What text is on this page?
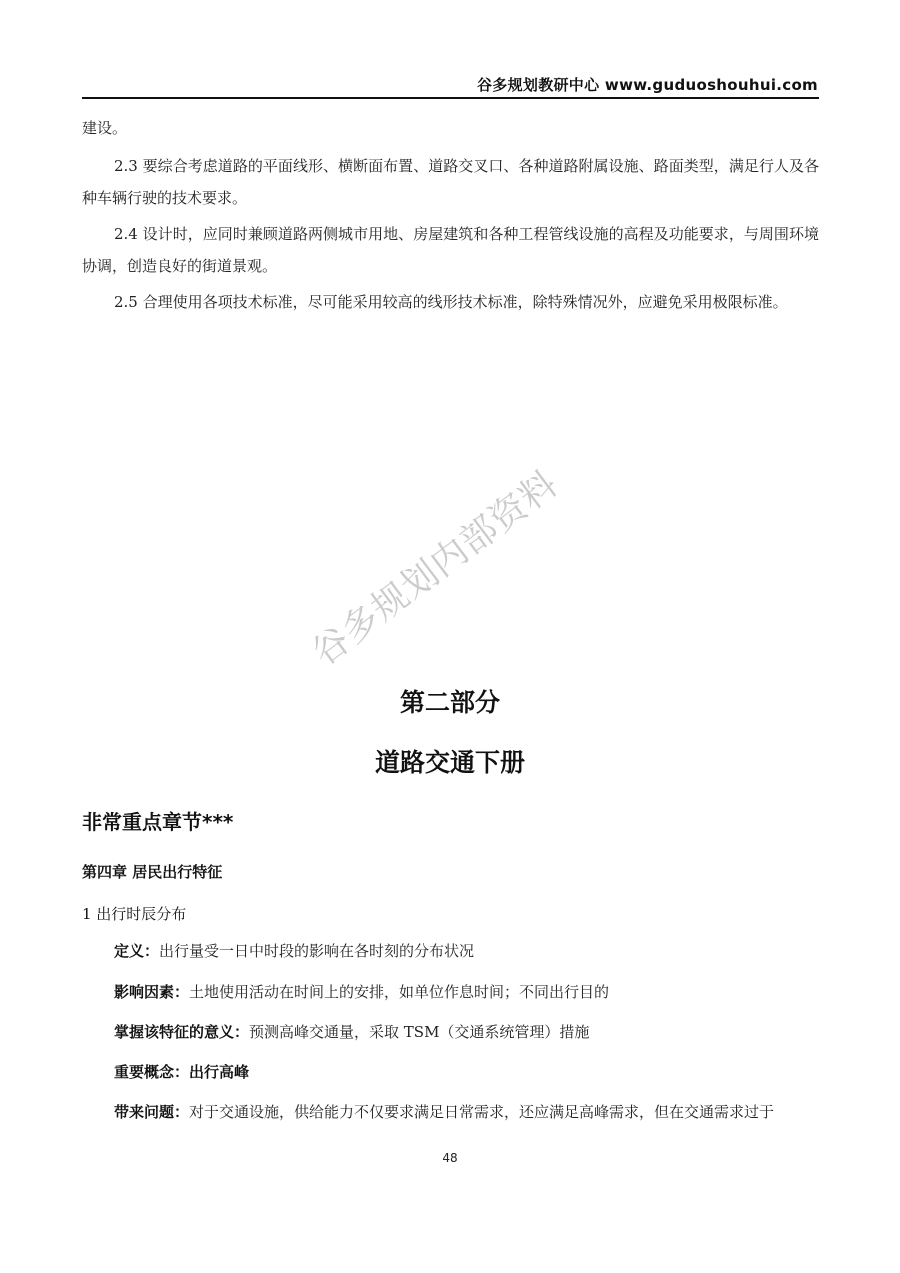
谷多规划教研中心 www.guduoshouhui.com

建设。

2.3 要综合考虑道路的平面线形、横断面布置、道路交叉口、各种道路附属设施、路面类型，满足行人及各种车辆行驶的技术要求。

2.4 设计时，应同时兼顾道路两侧城市用地、房屋建筑和各种工程管线设施的高程及功能要求，与周围环境协调，创造良好的街道景观。

2.5 合理使用各项技术标准，尽可能采用较高的线形技术标准，除特殊情况外，应避免采用极限标准。

谷多规划内部资料
第二部分
道路交通下册
非常重点章节***
第四章 居民出行特征
1 出行时辰分布
定义：出行量受一日中时段的影响在各时刻的分布状况
影响因素：土地使用活动在时间上的安排，如单位作息时间；不同出行目的
掌握该特征的意义：预测高峰交通量，采取 TSM（交通系统管理）措施
重要概念：出行高峰
带来问题：对于交通设施，供给能力不仅要求满足日常需求，还应满足高峰需求，但在交通需求过于
48
